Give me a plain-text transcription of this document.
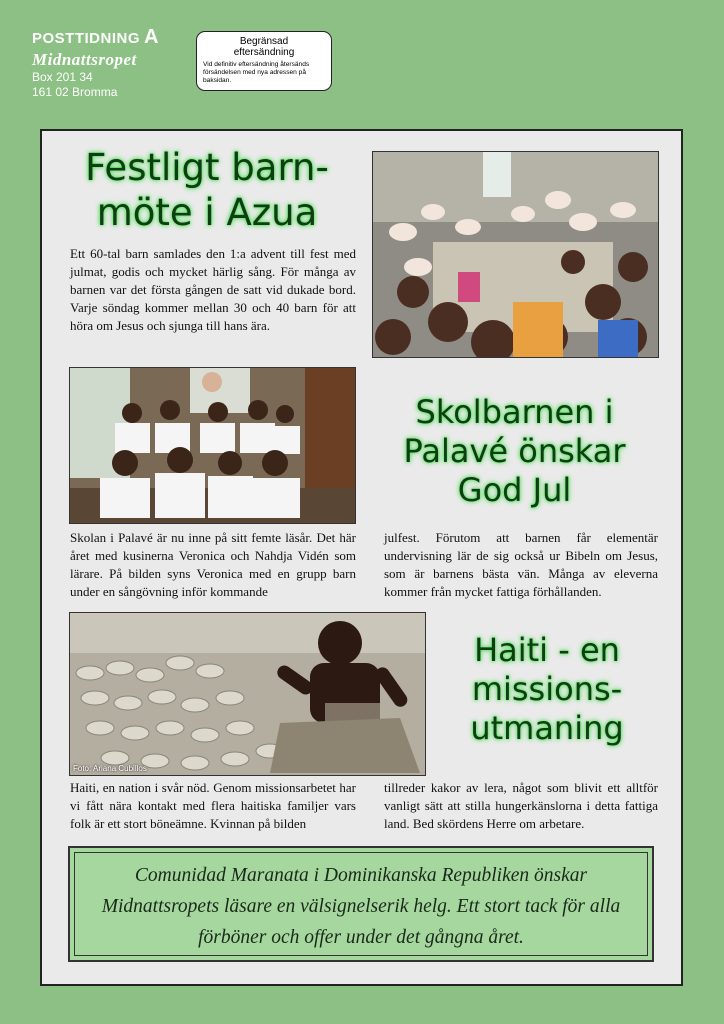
POSTTIDNING A
Midnattsropet
Box 201 34
161 02 Bromma
Begränsad
eftersändning
Vid definitiv eftersändning återsänds försändelsen med nya adressen på baksidan.
Festligt barn-
möte i Azua
Ett 60-tal barn samlades den 1:a advent till fest med julmat, godis och mycket härlig sång. För många av barnen var det första gången de satt vid dukade bord. Varje söndag kommer mellan 30 och 40 barn för att höra om Jesus och sjunga till hans ära.
Skolbarnen i
Palavé önskar
God Jul
Skolan i Palavé är nu inne på sitt femte läsår. Det här året med kusinerna Veronica och Nahdja Vidén som lärare. På bilden syns Veronica med en grupp barn under en sångövning inför kommande
julfest. Förutom att barnen får elementär undervisning lär de sig också ur Bibeln om Jesus, som är barnens bästa vän. Många av eleverna kommer från mycket fattiga förhållanden.
Foto: Ariana Cubillos
Haiti - en
missions-
utmaning
Haiti, en nation i svår nöd. Genom missionsarbetet har vi fått nära kontakt med flera haitiska familjer vars folk är ett stort böneämne. Kvinnan på bilden
tillreder kakor av lera, något som blivit ett alltför vanligt sätt att stilla hungerkänslorna i detta fattiga land. Bed skördens Herre om arbetare.
Comunidad Maranata i Dominikanska Republiken önskar Midnattsropets läsare en välsignelserik helg. Ett stort tack för alla förböner och offer under det gångna året.
